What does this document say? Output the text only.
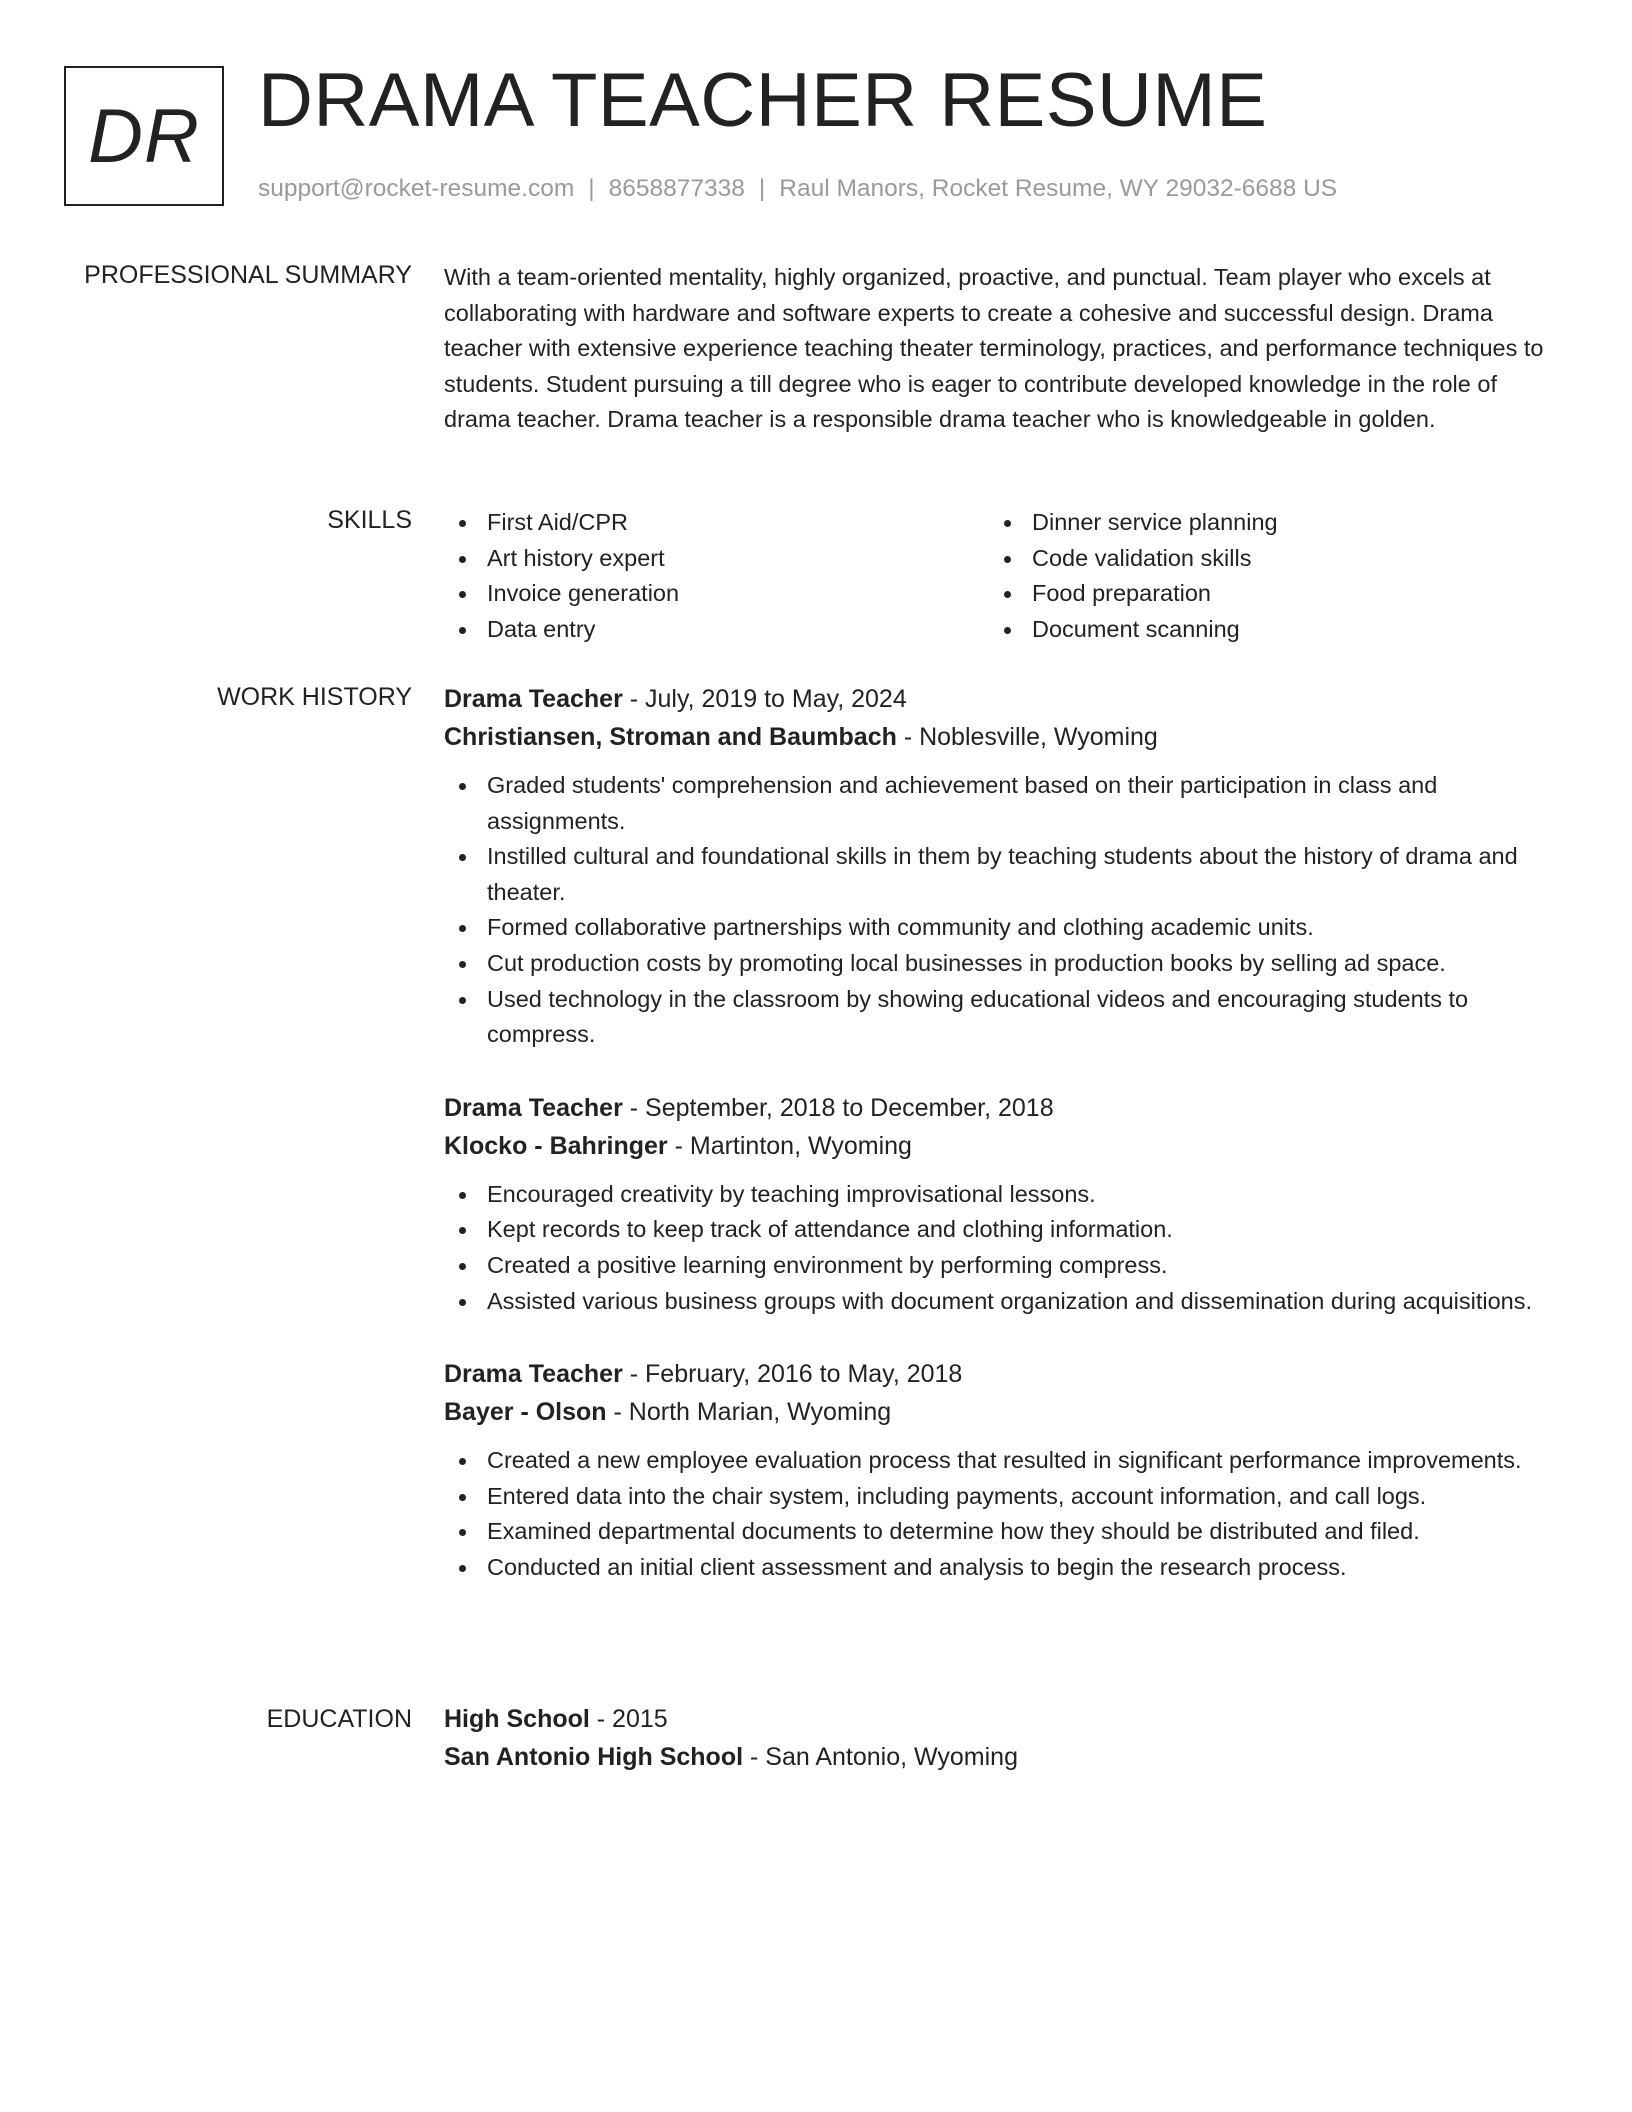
DR DRAMA TEACHER RESUME
support@rocket-resume.com | 8658877338 | Raul Manors, Rocket Resume, WY 29032-6688 US
PROFESSIONAL SUMMARY With a team-oriented mentality, highly organized, proactive, and punctual. Team player who excels at collaborating with hardware and software experts to create a cohesive and successful design. Drama teacher with extensive experience teaching theater terminology, practices, and performance techniques to students. Student pursuing a till degree who is eager to contribute developed knowledge in the role of drama teacher. Drama teacher is a responsible drama teacher who is knowledgeable in golden.

SKILLS	First Aid/CPR
Art history expert
Invoice generation
Data entry
Dinner service planning
Code validation skills
Food preparation
Document scanning
WORK HISTORY Drama Teacher - July, 2019 to May, 2024
Christiansen, Stroman and Baumbach - Noblesville, Wyoming
Graded students' comprehension and achievement based on their participation in class and assignments.
Instilled cultural and foundational skills in them by teaching students about the history of drama and theater.
Formed collaborative partnerships with community and clothing academic units.
Cut production costs by promoting local businesses in production books by selling ad space.
Used technology in the classroom by showing educational videos and encouraging students to compress.
Drama Teacher - September, 2018 to December, 2018
Klocko - Bahringer - Martinton, Wyoming
Encouraged creativity by teaching improvisational lessons.
Kept records to keep track of attendance and clothing information.
Created a positive learning environment by performing compress.
Assisted various business groups with document organization and dissemination during acquisitions.
Drama Teacher - February, 2016 to May, 2018
Bayer - Olson - North Marian, Wyoming
Created a new employee evaluation process that resulted in significant performance improvements.
Entered data into the chair system, including payments, account information, and call logs.
Examined departmental documents to determine how they should be distributed and filed.
Conducted an initial client assessment and analysis to begin the research process.
EDUCATION High School - 2015
San Antonio High School - San Antonio, Wyoming
